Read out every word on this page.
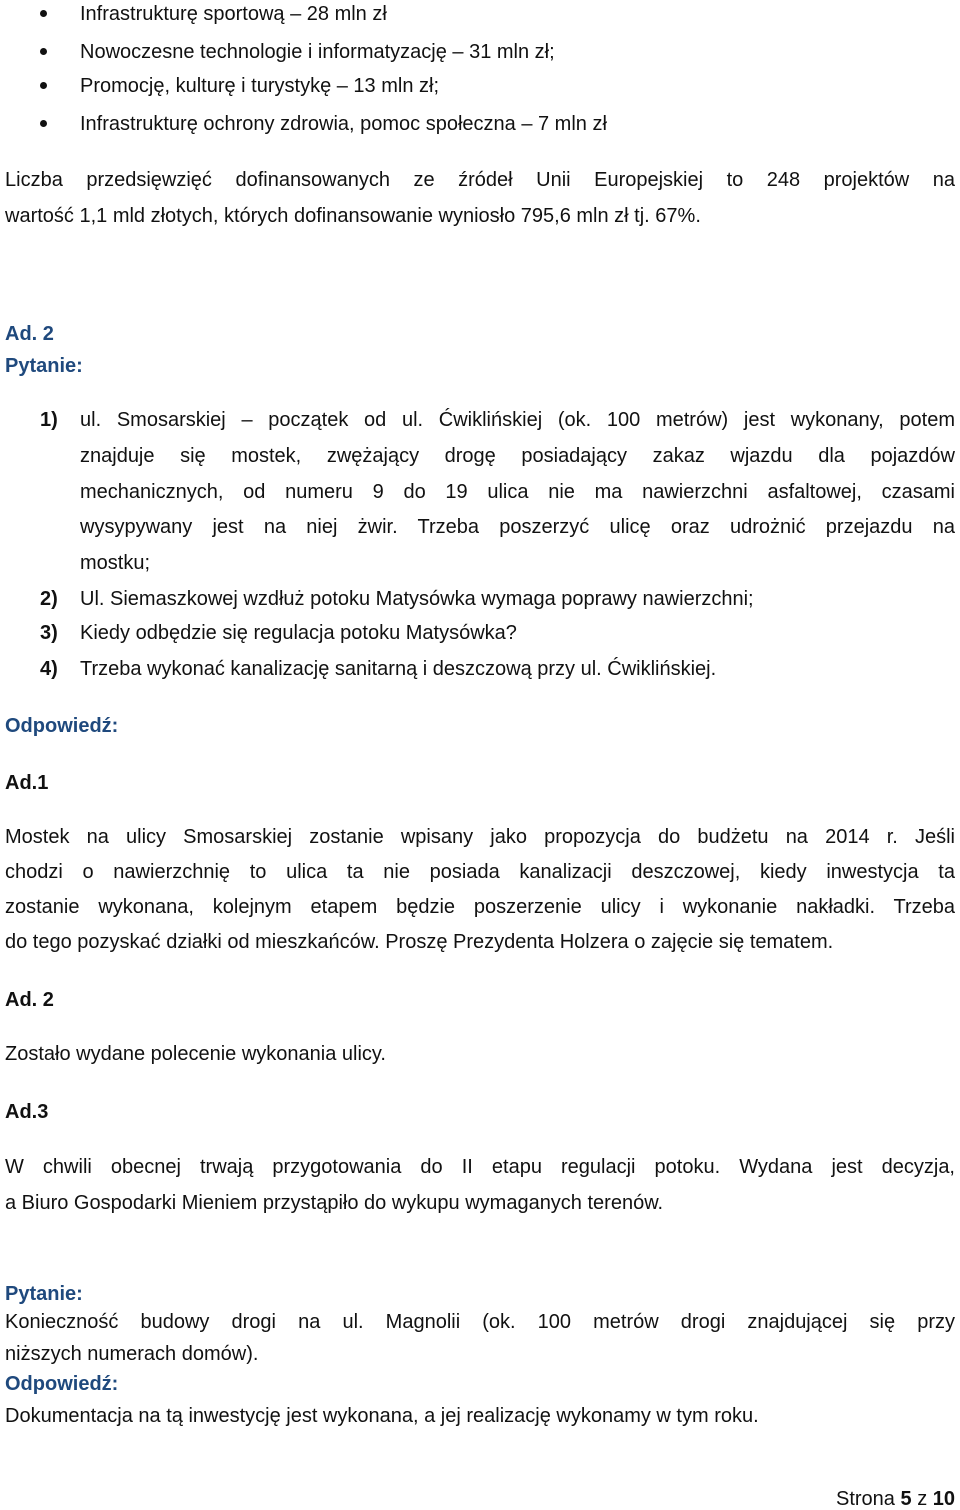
Infrastrukturę sportową – 28 mln zł
Nowoczesne technologie i informatyzację – 31 mln zł;
Promocję, kulturę i turystykę – 13 mln zł;
Infrastrukturę ochrony zdrowia, pomoc społeczna – 7 mln zł
Liczba przedsięwzięć dofinansowanych ze źródeł Unii Europejskiej to 248 projektów na
wartość 1,1 mld złotych, których dofinansowanie wyniosło 795,6 mln zł tj. 67%.
Ad. 2
Pytanie:
1)	ul. Smosarskiej – początek od ul. Ćwiklińskiej (ok. 100 metrów) jest wykonany, potem
znajduje się mostek, zwężający drogę posiadający zakaz wjazdu dla pojazdów
mechanicznych, od numeru 9 do 19 ulica nie ma nawierzchni asfaltowej, czasami
wysypywany jest na niej żwir. Trzeba poszerzyć ulicę oraz udrożnić przejazdu na
mostku;
2) Ul. Siemaszkowej wzdłuż potoku Matysówka wymaga poprawy nawierzchni;
3) Kiedy odbędzie się regulacja potoku Matysówka?
4) Trzeba wykonać kanalizację sanitarną i deszczową przy ul. Ćwiklińskiej.
Odpowiedź:
Ad.1
Mostek na ulicy Smosarskiej zostanie wpisany jako propozycja do budżetu na 2014 r. Jeśli
chodzi o nawierzchnię to ulica ta nie posiada kanalizacji deszczowej, kiedy inwestycja ta
zostanie wykonana, kolejnym etapem będzie poszerzenie ulicy i wykonanie nakładki. Trzeba
do tego pozyskać działki od mieszkańców. Proszę Prezydenta Holzera o zajęcie się tematem.
Ad. 2
Zostało wydane polecenie wykonania ulicy.
Ad.3
W chwili obecnej trwają przygotowania do II etapu regulacji potoku. Wydana jest decyzja,
a Biuro Gospodarki Mieniem przystąpiło do wykupu wymaganych terenów.
Pytanie:
Konieczność budowy drogi na ul. Magnolii (ok. 100 metrów drogi znajdującej się przy
niższych numerach domów).
Odpowiedź:
Dokumentacja na tą inwestycję jest wykonana, a jej realizację wykonamy w tym roku.
Strona 5 z 10
